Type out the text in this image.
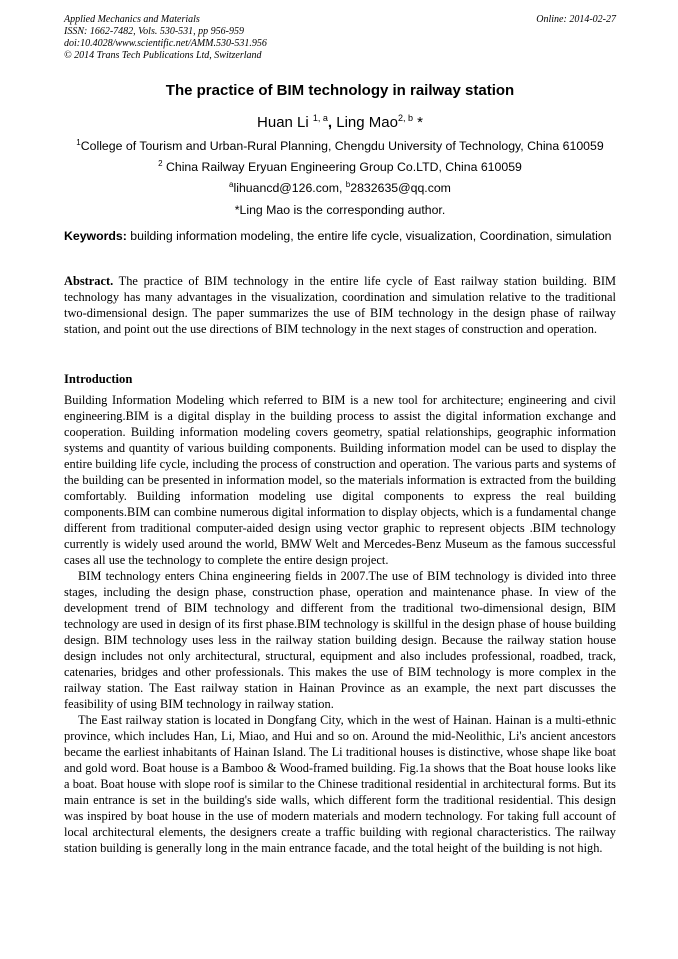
Applied Mechanics and Materials
ISSN: 1662-7482, Vols. 530-531, pp 956-959
doi:10.4028/www.scientific.net/AMM.530-531.956
© 2014 Trans Tech Publications Ltd, Switzerland
Online: 2014-02-27
The practice of BIM technology in railway station
Huan Li $^{1, a}$, Ling Mao$^{2, b}$ *
$^1$College of Tourism and Urban-Rural Planning, Chengdu University of Technology, China 610059
$^2$ China Railway Eryuan Engineering Group Co.LTD, China 610059
$^a$lihuancd@126.com, $^b$2832635@qq.com
*Ling Mao is the corresponding author.
Keywords: building information modeling, the entire life cycle, visualization, Coordination, simulation
Abstract. The practice of BIM technology in the entire life cycle of East railway station building. BIM technology has many advantages in the visualization, coordination and simulation relative to the traditional two-dimensional design. The paper summarizes the use of BIM technology in the design phase of railway station, and point out the use directions of BIM technology in the next stages of construction and operation.
Introduction

Building Information Modeling which referred to BIM is a new tool for architecture; engineering and civil engineering.BIM is a digital display in the building process to assist the digital information exchange and cooperation. Building information modeling covers geometry, spatial relationships, geographic information systems and quantity of various building components. Building information model can be used to display the entire building life cycle, including the process of construction and operation. The various parts and systems of the building can be presented in information model, so the materials information is extracted from the building comfortably. Building information modeling use digital components to express the real building components.BIM can combine numerous digital information to display objects, which is a fundamental change different from traditional computer-aided design using vector graphic to represent objects .BIM technology currently is widely used around the world, BMW Welt and Mercedes-Benz Museum as the famous successful cases all use the technology to complete the entire design project.

BIM technology enters China engineering fields in 2007.The use of BIM technology is divided into three stages, including the design phase, construction phase, operation and maintenance phase. In view of the development trend of BIM technology and different from the traditional two-dimensional design, BIM technology are used in design of its first phase.BIM technology is skillful in the design phase of house building design. BIM technology uses less in the railway station building design. Because the railway station house design includes not only architectural, structural, equipment and also includes professional, roadbed, track, catenaries, bridges and other professionals. This makes the use of BIM technology is more complex in the railway station. The East railway station in Hainan Province as an example, the next part discusses the feasibility of using BIM technology in railway station.

The East railway station is located in Dongfang City, which in the west of Hainan. Hainan is a multi-ethnic province, which includes Han, Li, Miao, and Hui and so on. Around the mid-Neolithic, Li's ancient ancestors became the earliest inhabitants of Hainan Island. The Li traditional houses is distinctive, whose shape like boat and gold word. Boat house is a Bamboo & Wood-framed building. Fig.1a shows that the Boat house looks like a boat. Boat house with slope roof is similar to the Chinese traditional residential in architectural forms. But its main entrance is set in the building's side walls, which different form the traditional residential. This design was inspired by boat house in the use of modern materials and modern technology. For taking full account of local architectural elements, the designers create a traffic building with regional characteristics. The railway station building is generally long in the main entrance facade, and the total height of the building is not high.
